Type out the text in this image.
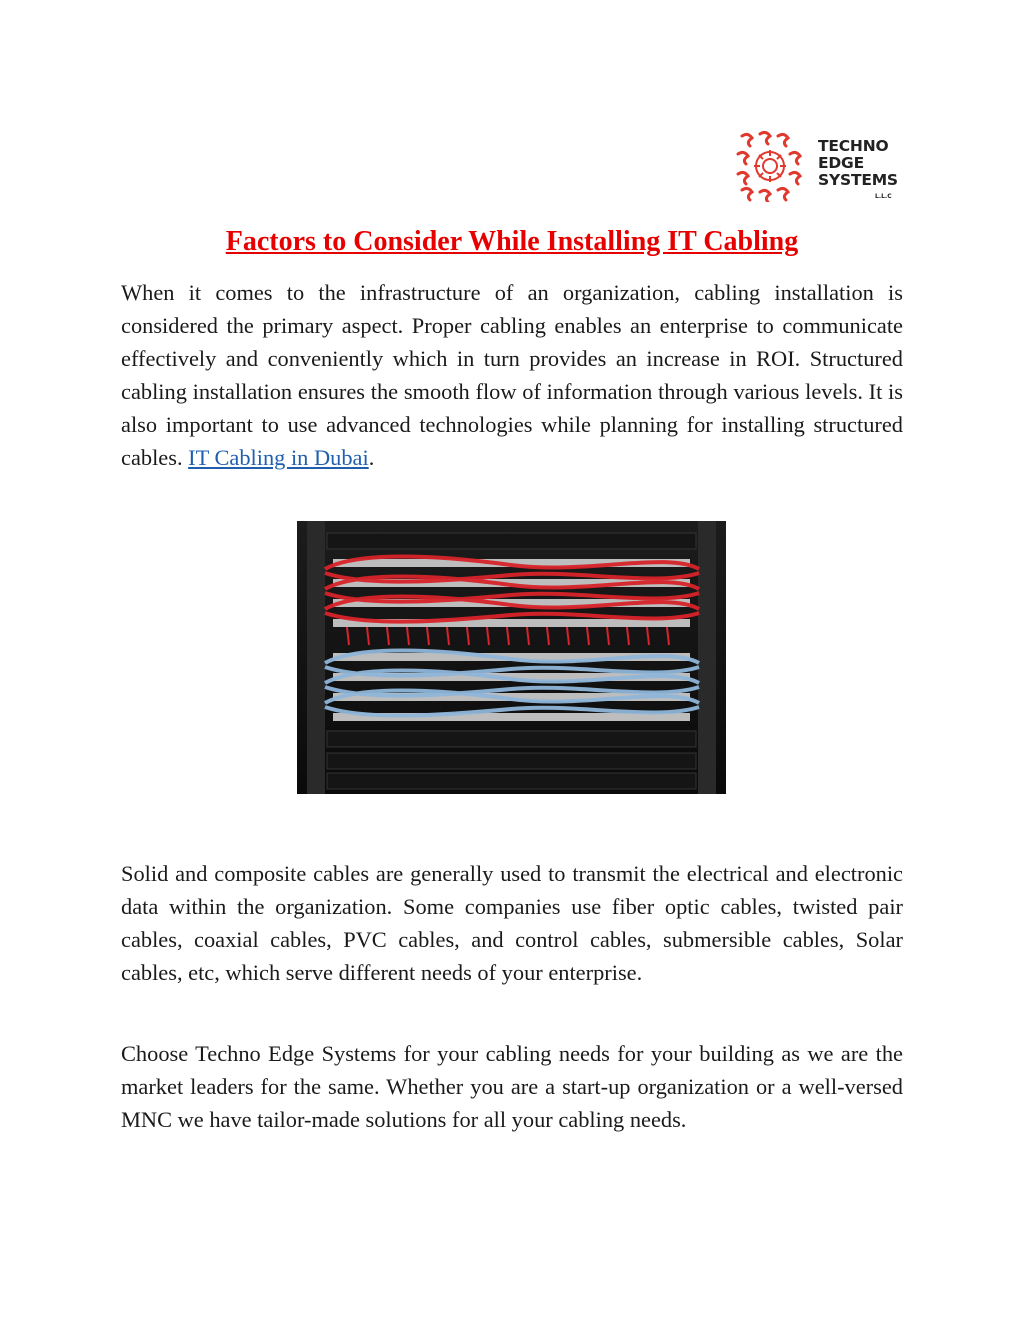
TECHNO
EDGE
SYSTEMS
L.L.C
Factors to Consider While Installing IT Cabling

When it comes to the infrastructure of an organization, cabling installation is considered the primary aspect. Proper cabling enables an enterprise to communicate effectively and conveniently which in turn provides an increase in ROI. Structured cabling installation ensures the smooth flow of information through various levels. It is also important to use advanced technologies while planning for installing structured cables. IT Cabling in Dubai.

Solid and composite cables are generally used to transmit the electrical and electronic data within the organization. Some companies use fiber optic cables, twisted pair cables, coaxial cables, PVC cables, and control cables, submersible cables, Solar cables, etc, which serve different needs of your enterprise.

Choose Techno Edge Systems for your cabling needs for your building as we are the market leaders for the same. Whether you are a start-up organization or a well-versed MNC we have tailor-made solutions for all your cabling needs.
